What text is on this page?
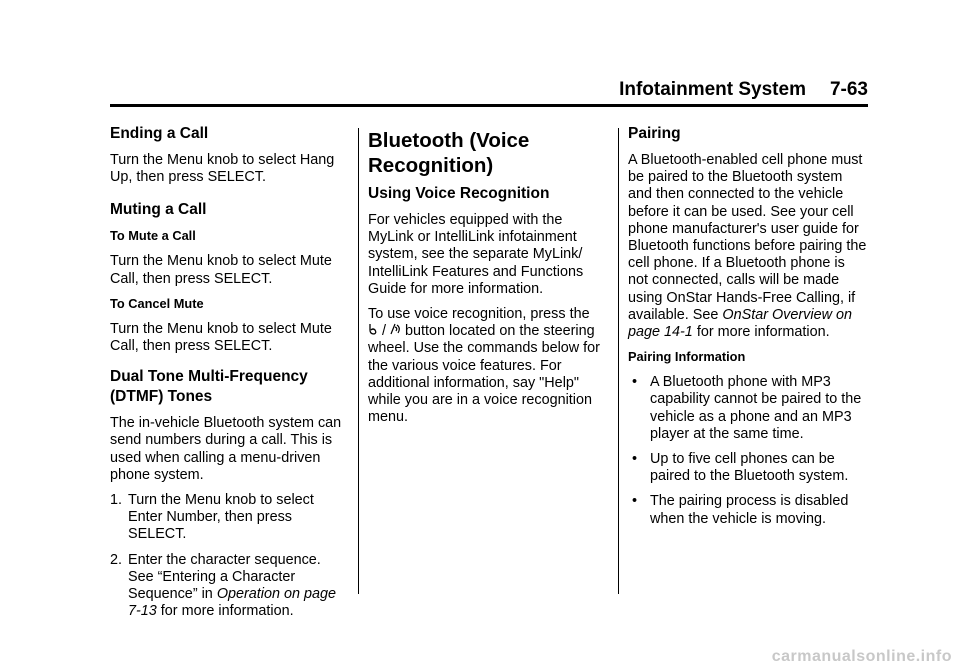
Infotainment System 7-63
Ending a Call

Turn the Menu knob to select Hang Up, then press SELECT.

Muting a Call
To Mute a Call

Turn the Menu knob to select Mute Call, then press SELECT.

To Cancel Mute

Turn the Menu knob to select Mute Call, then press SELECT.

Dual Tone Multi-Frequency (DTMF) Tones

The in-vehicle Bluetooth system can send numbers during a call. This is used when calling a menu-driven phone system.

1. Turn the Menu knob to select Enter Number, then press SELECT.
2. Enter the character sequence. See “Entering a Character Sequence” in Operation on page 7-13 for more information.
Bluetooth (Voice Recognition)
Using Voice Recognition

For vehicles equipped with the MyLink or IntelliLink infotainment system, see the separate MyLink/ IntelliLink Features and Functions Guide for more information.

To use voice recognition, press the
/ button located on the steering wheel. Use the commands below for the various voice features. For additional information, say "Help" while you are in a voice recognition menu.

Pairing

A Bluetooth-enabled cell phone must be paired to the Bluetooth system and then connected to the vehicle before it can be used. See your cell phone manufacturer's user guide for Bluetooth functions before pairing the cell phone. If a Bluetooth phone is not connected, calls will be made using OnStar Hands-Free Calling, if available. See OnStar Overview on page 14-1 for more information.

Pairing Information
• A Bluetooth phone with MP3 capability cannot be paired to the vehicle as a phone and an MP3 player at the same time.
• Up to five cell phones can be paired to the Bluetooth system.
• The pairing process is disabled when the vehicle is moving.
carmanualsonline.info
